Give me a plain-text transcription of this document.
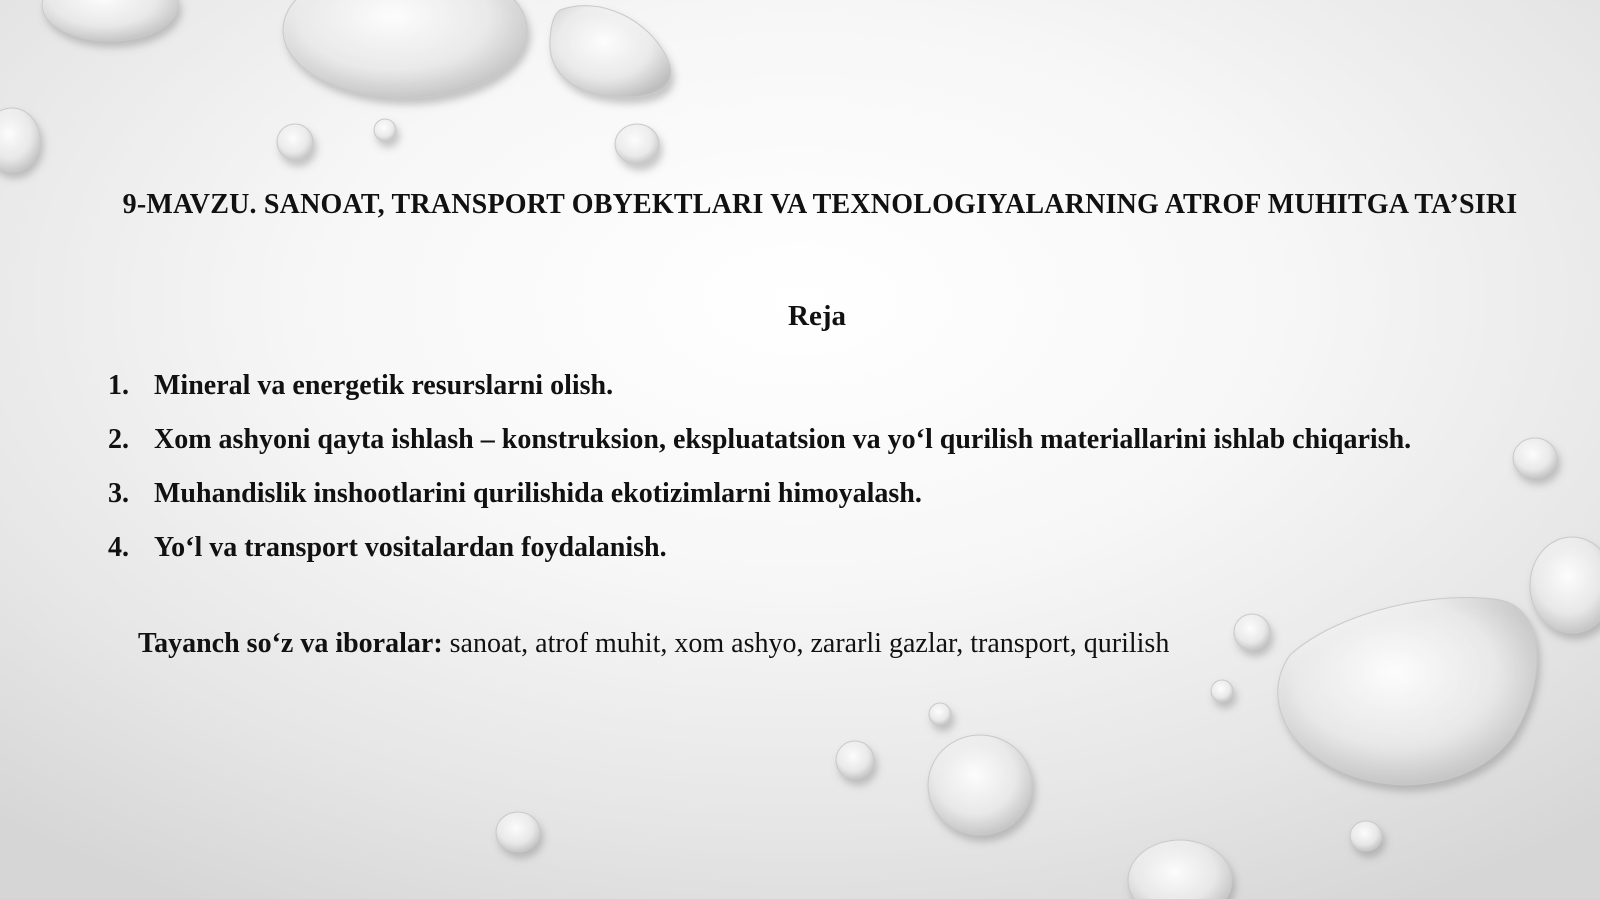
9-MAVZU. SANOAT, TRANSPORT OBYEKTLARI VA TEXNOLOGIYALARNING ATROF MUHITGA TA’SIRI
Reja
1. Mineral va energetik resurslarni olish.
2. Xom ashyoni qayta ishlash – konstruksion, ekspluatatsion va yo‘l qurilish materiallarini ishlab chiqarish.
3. Muhandislik inshootlarini qurilishida ekotizimlarni himoyalash.
4. Yo‘l va transport vositalardan foydalanish.
Tayanch so‘z va iboralar: sanoat, atrof muhit, xom ashyo, zararli gazlar, transport, qurilish
